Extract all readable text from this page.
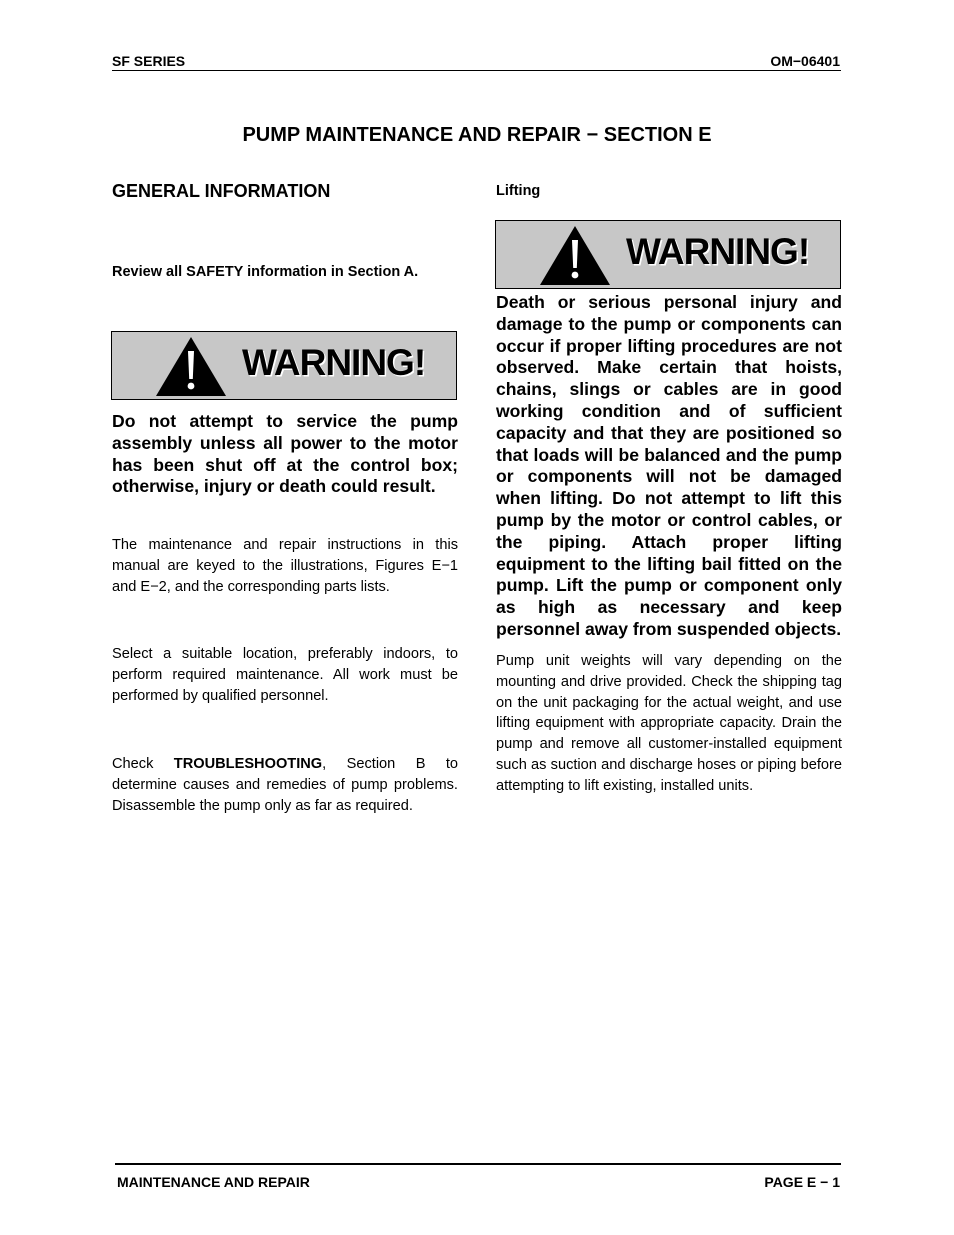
SF SERIES	OM−06401
PUMP MAINTENANCE AND REPAIR − SECTION E
GENERAL INFORMATION
Review all SAFETY information in Section A.
WARNING!
Do not attempt to service the pump assembly unless all power to the motor has been shut off at the control box; otherwise, injury or death could result.
The maintenance and repair instructions in this manual are keyed to the illustrations, Figures E−1 and E−2, and the corresponding parts lists.
Select a suitable location, preferably indoors, to perform required maintenance. All work must be performed by qualified personnel.
Check TROUBLESHOOTING, Section B to determine causes and remedies of pump problems. Disassemble the pump only as far as required.
Lifting
WARNING!
Death or serious personal injury and damage to the pump or components can occur if proper lifting procedures are not observed. Make certain that hoists, chains, slings or cables are in good working condition and of sufficient capacity and that they are positioned so that loads will be balanced and the pump or components will not be damaged when lifting. Do not attempt to lift this pump by the motor or control cables, or the piping. Attach proper lifting equipment to the lifting bail fitted on the pump. Lift the pump or component only as high as necessary and keep personnel away from suspended objects.
Pump unit weights will vary depending on the mounting and drive provided. Check the shipping tag on the unit packaging for the actual weight, and use lifting equipment with appropriate capacity. Drain the pump and remove all customer-installed equipment such as suction and discharge hoses or piping before attempting to lift existing, installed units.
MAINTENANCE AND REPAIR	PAGE E − 1
